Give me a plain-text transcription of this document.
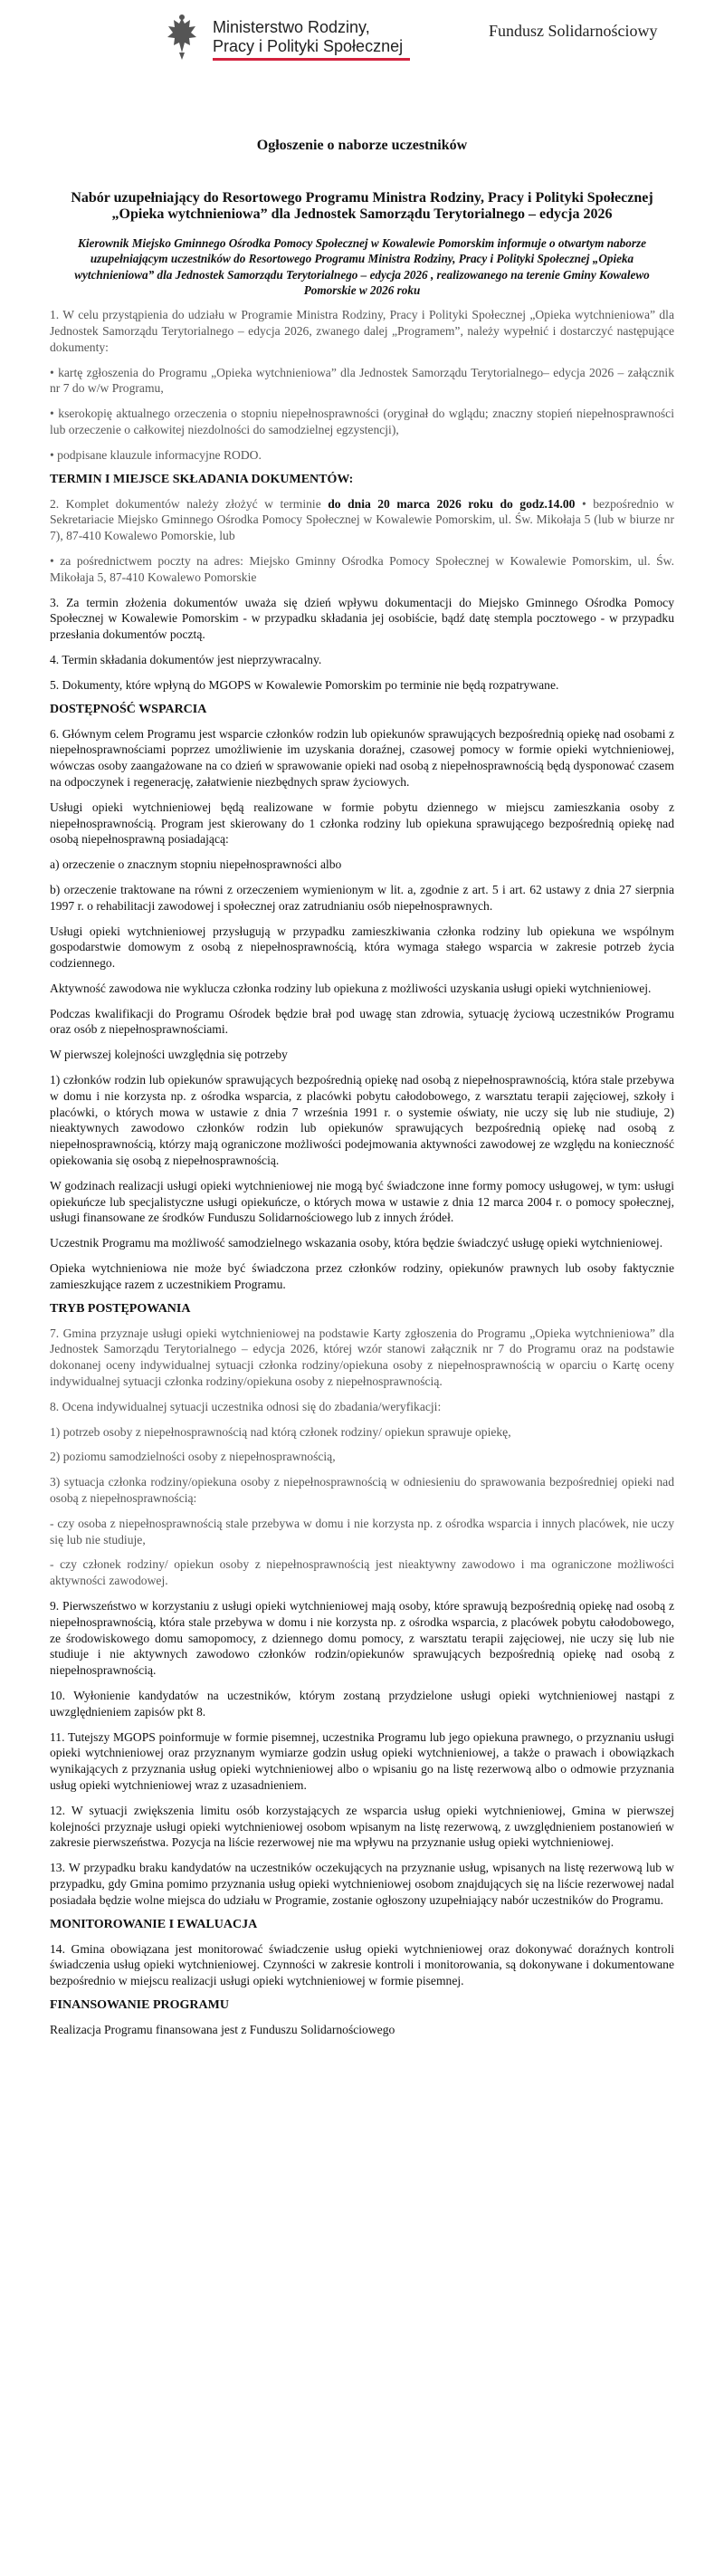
Ministerstwo Rodziny,
Pracy i Polityki Społecznej
Fundusz Solidarnościowy
Ogłoszenie o naborze uczestników
Nabór uzupełniający do Resortowego Programu Ministra Rodziny, Pracy i Polityki Społecznej „Opieka wytchnieniowa” dla Jednostek Samorządu Terytorialnego – edycja 2026
Kierownik Miejsko Gminnego Ośrodka Pomocy Społecznej w Kowalewie Pomorskim informuje o otwartym naborze uzupełniającym uczestników do Resortowego Programu Ministra Rodziny, Pracy i Polityki Społecznej „Opieka wytchnieniowa” dla Jednostek Samorządu Terytorialnego – edycja 2026 , realizowanego na terenie Gminy Kowalewo Pomorskie w 2026 roku

1. W celu przystąpienia do udziału w Programie Ministra Rodziny, Pracy i Polityki Społecznej „Opieka wytchnieniowa” dla Jednostek Samorządu Terytorialnego – edycja 2026, zwanego dalej „Programem”, należy wypełnić i dostarczyć następujące dokumenty:

• kartę zgłoszenia do Programu „Opieka wytchnieniowa” dla Jednostek Samorządu Terytorialnego– edycja 2026 – załącznik nr 7 do w/w Programu,

• kserokopię aktualnego orzeczenia o stopniu niepełnosprawności (oryginał do wglądu; znaczny stopień niepełnosprawności lub orzeczenie o całkowitej niezdolności do samodzielnej egzystencji),

• podpisane klauzule informacyjne RODO.

TERMIN I MIEJSCE SKŁADANIA DOKUMENTÓW:

2. Komplet dokumentów należy złożyć w terminie do dnia 20 marca 2026 roku do godz.14.00 • bezpośrednio w Sekretariacie Miejsko Gminnego Ośrodka Pomocy Społecznej w Kowalewie Pomorskim, ul. Św. Mikołaja 5 (lub w biurze nr 7), 87-410 Kowalewo Pomorskie, lub

• za pośrednictwem poczty na adres: Miejsko Gminny Ośrodka Pomocy Społecznej w Kowalewie Pomorskim, ul. Św. Mikołaja 5, 87-410 Kowalewo Pomorskie

3. Za termin złożenia dokumentów uważa się dzień wpływu dokumentacji do Miejsko Gminnego Ośrodka Pomocy Społecznej w Kowalewie Pomorskim - w przypadku składania jej osobiście, bądź datę stempla pocztowego - w przypadku przesłania dokumentów pocztą.

4. Termin składania dokumentów jest nieprzywracalny.

5. Dokumenty, które wpłyną do MGOPS w Kowalewie Pomorskim po terminie nie będą rozpatrywane.

DOSTĘPNOŚĆ WSPARCIA

6. Głównym celem Programu jest wsparcie członków rodzin lub opiekunów sprawujących bezpośrednią opiekę nad osobami z niepełnosprawnościami poprzez umożliwienie im uzyskania doraźnej, czasowej pomocy w formie opieki wytchnieniowej, wówczas osoby zaangażowane na co dzień w sprawowanie opieki nad osobą z niepełnosprawnością będą dysponować czasem na odpoczynek i regenerację, załatwienie niezbędnych spraw życiowych.

Usługi opieki wytchnieniowej będą realizowane w formie pobytu dziennego w miejscu zamieszkania osoby z niepełnosprawnością. Program jest skierowany do 1 członka rodziny lub opiekuna sprawującego bezpośrednią opiekę nad osobą niepełnosprawną posiadającą:

a) orzeczenie o znacznym stopniu niepełnosprawności albo

b) orzeczenie traktowane na równi z orzeczeniem wymienionym w lit. a, zgodnie z art. 5 i art. 62 ustawy z dnia 27 sierpnia 1997 r. o rehabilitacji zawodowej i społecznej oraz zatrudnianiu osób niepełnosprawnych.

Usługi opieki wytchnieniowej przysługują w przypadku zamieszkiwania członka rodziny lub opiekuna we wspólnym gospodarstwie domowym z osobą z niepełnosprawnością, która wymaga stałego wsparcia w zakresie potrzeb życia codziennego.

Aktywność zawodowa nie wyklucza członka rodziny lub opiekuna z możliwości uzyskania usługi opieki wytchnieniowej.

Podczas kwalifikacji do Programu Ośrodek będzie brał pod uwagę stan zdrowia, sytuację życiową uczestników Programu oraz osób z niepełnosprawnościami.

W pierwszej kolejności uwzględnia się potrzeby

1) członków rodzin lub opiekunów sprawujących bezpośrednią opiekę nad osobą z niepełnosprawnością, która stale przebywa w domu i nie korzysta np. z ośrodka wsparcia, z placówki pobytu całodobowego, z warsztatu terapii zajęciowej, szkoły i placówki, o których mowa w ustawie z dnia 7 września 1991 r. o systemie oświaty, nie uczy się lub nie studiuje, 2) nieaktywnych zawodowo członków rodzin lub opiekunów sprawujących bezpośrednią opiekę nad osobą z niepełnosprawnością, którzy mają ograniczone możliwości podejmowania aktywności zawodowej ze względu na konieczność opiekowania się osobą z niepełnosprawnością.

W godzinach realizacji usługi opieki wytchnieniowej nie mogą być świadczone inne formy pomocy usługowej, w tym: usługi opiekuńcze lub specjalistyczne usługi opiekuńcze, o których mowa w ustawie z dnia 12 marca 2004 r. o pomocy społecznej, usługi finansowane ze środków Funduszu Solidarnościowego lub z innych źródeł.

Uczestnik Programu ma możliwość samodzielnego wskazania osoby, która będzie świadczyć usługę opieki wytchnieniowej.

Opieka wytchnieniowa nie może być świadczona przez członków rodziny, opiekunów prawnych lub osoby faktycznie zamieszkujące razem z uczestnikiem Programu.

TRYB POSTĘPOWANIA

7. Gmina przyznaje usługi opieki wytchnieniowej na podstawie Karty zgłoszenia do Programu „Opieka wytchnieniowa” dla Jednostek Samorządu Terytorialnego – edycja 2026, której wzór stanowi załącznik nr 7 do Programu oraz na podstawie dokonanej oceny indywidualnej sytuacji członka rodziny/opiekuna osoby z niepełnosprawnością w oparciu o Kartę oceny indywidualnej sytuacji członka rodziny/opiekuna osoby z niepełnosprawnością.

8. Ocena indywidualnej sytuacji uczestnika odnosi się do zbadania/weryfikacji:

1) potrzeb osoby z niepełnosprawnością nad którą członek rodziny/ opiekun sprawuje opiekę,

2) poziomu samodzielności osoby z niepełnosprawnością,

3) sytuacja członka rodziny/opiekuna osoby z niepełnosprawnością w odniesieniu do sprawowania bezpośredniej opieki nad osobą z niepełnosprawnością:

- czy osoba z niepełnosprawnością stale przebywa w domu i nie korzysta np. z ośrodka wsparcia i innych placówek, nie uczy się lub nie studiuje,

- czy członek rodziny/ opiekun osoby z niepełnosprawnością jest nieaktywny zawodowo i ma ograniczone możliwości aktywności zawodowej.

9. Pierwszeństwo w korzystaniu z usługi opieki wytchnieniowej mają osoby, które sprawują bezpośrednią opiekę nad osobą z niepełnosprawnością, która stale przebywa w domu i nie korzysta np. z ośrodka wsparcia, z placówek pobytu całodobowego, ze środowiskowego domu samopomocy, z dziennego domu pomocy, z warsztatu terapii zajęciowej, nie uczy się lub nie studiuje i nie aktywnych zawodowo członków rodzin/opiekunów sprawujących bezpośrednią opiekę nad osobą z niepełnosprawnością.

10. Wyłonienie kandydatów na uczestników, którym zostaną przydzielone usługi opieki wytchnieniowej nastąpi z uwzględnieniem zapisów pkt 8.

11. Tutejszy MGOPS poinformuje w formie pisemnej, uczestnika Programu lub jego opiekuna prawnego, o przyznaniu usługi opieki wytchnieniowej oraz przyznanym wymiarze godzin usług opieki wytchnieniowej, a także o prawach i obowiązkach wynikających z przyznania usług opieki wytchnieniowej albo o wpisaniu go na listę rezerwową albo o odmowie przyznania usług opieki wytchnieniowej wraz z uzasadnieniem.

12. W sytuacji zwiększenia limitu osób korzystających ze wsparcia usług opieki wytchnieniowej, Gmina w pierwszej kolejności przyznaje usługi opieki wytchnieniowej osobom wpisanym na listę rezerwową, z uwzględnieniem postanowień w zakresie pierwszeństwa. Pozycja na liście rezerwowej nie ma wpływu na przyznanie usług opieki wytchnieniowej.

13. W przypadku braku kandydatów na uczestników oczekujących na przyznanie usług, wpisanych na listę rezerwową lub w przypadku, gdy Gmina pomimo przyznania usług opieki wytchnieniowej osobom znajdujących się na liście rezerwowej nadal posiadała będzie wolne miejsca do udziału w Programie, zostanie ogłoszony uzupełniający nabór uczestników do Programu.

MONITOROWANIE I EWALUACJA

14. Gmina obowiązana jest monitorować świadczenie usług opieki wytchnieniowej oraz dokonywać doraźnych kontroli świadczenia usług opieki wytchnieniowej. Czynności w zakresie kontroli i monitorowania, są dokonywane i dokumentowane bezpośrednio w miejscu realizacji usługi opieki wytchnieniowej w formie pisemnej.

FINANSOWANIE PROGRAMU

Realizacja Programu finansowana jest z Funduszu Solidarnościowego
